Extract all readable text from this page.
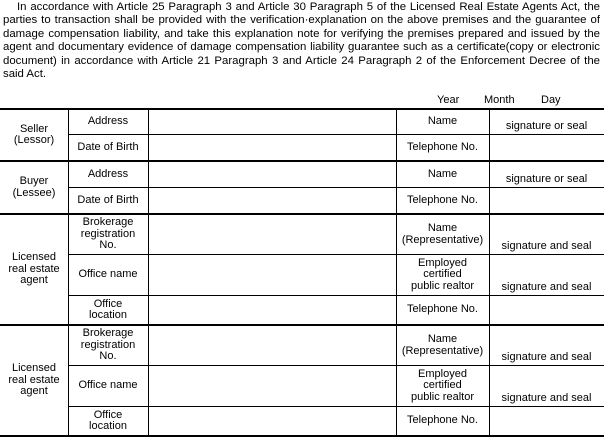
In accordance with Article 25 Paragraph 3 and Article 30 Paragraph 5 of the Licensed Real Estate Agents Act, the parties to transaction shall be provided with the verification·explanation on the above premises and the guarantee of damage compensation liability, and take this explanation note for verifying the premises prepared and issued by the agent and documentary evidence of damage compensation liability guarantee such as a certificate(copy or electronic document) in accordance with Article 21 Paragraph 3 and Article 24 Paragraph 2 of the Enforcement Decree of the said Act.

Year Month Day
Seller
(Lessor)
Address
Date of Birth
Name
Telephone No.
signature or seal
Buyer
(Lessee)
Address
Date of Birth
Name
Telephone No.
signature or seal
Licensed
real estate
agent
Brokerage
registration
No.
Office name
Office
location
Name
(Representative)
Employed
certified
public realtor
Telephone No.
signature and seal
signature and seal
Licensed
real estate
agent
Brokerage
registration
No.
Office name
Office
location
Name
(Representative)
Employed
certified
public realtor
Telephone No.
signature and seal
signature and seal
